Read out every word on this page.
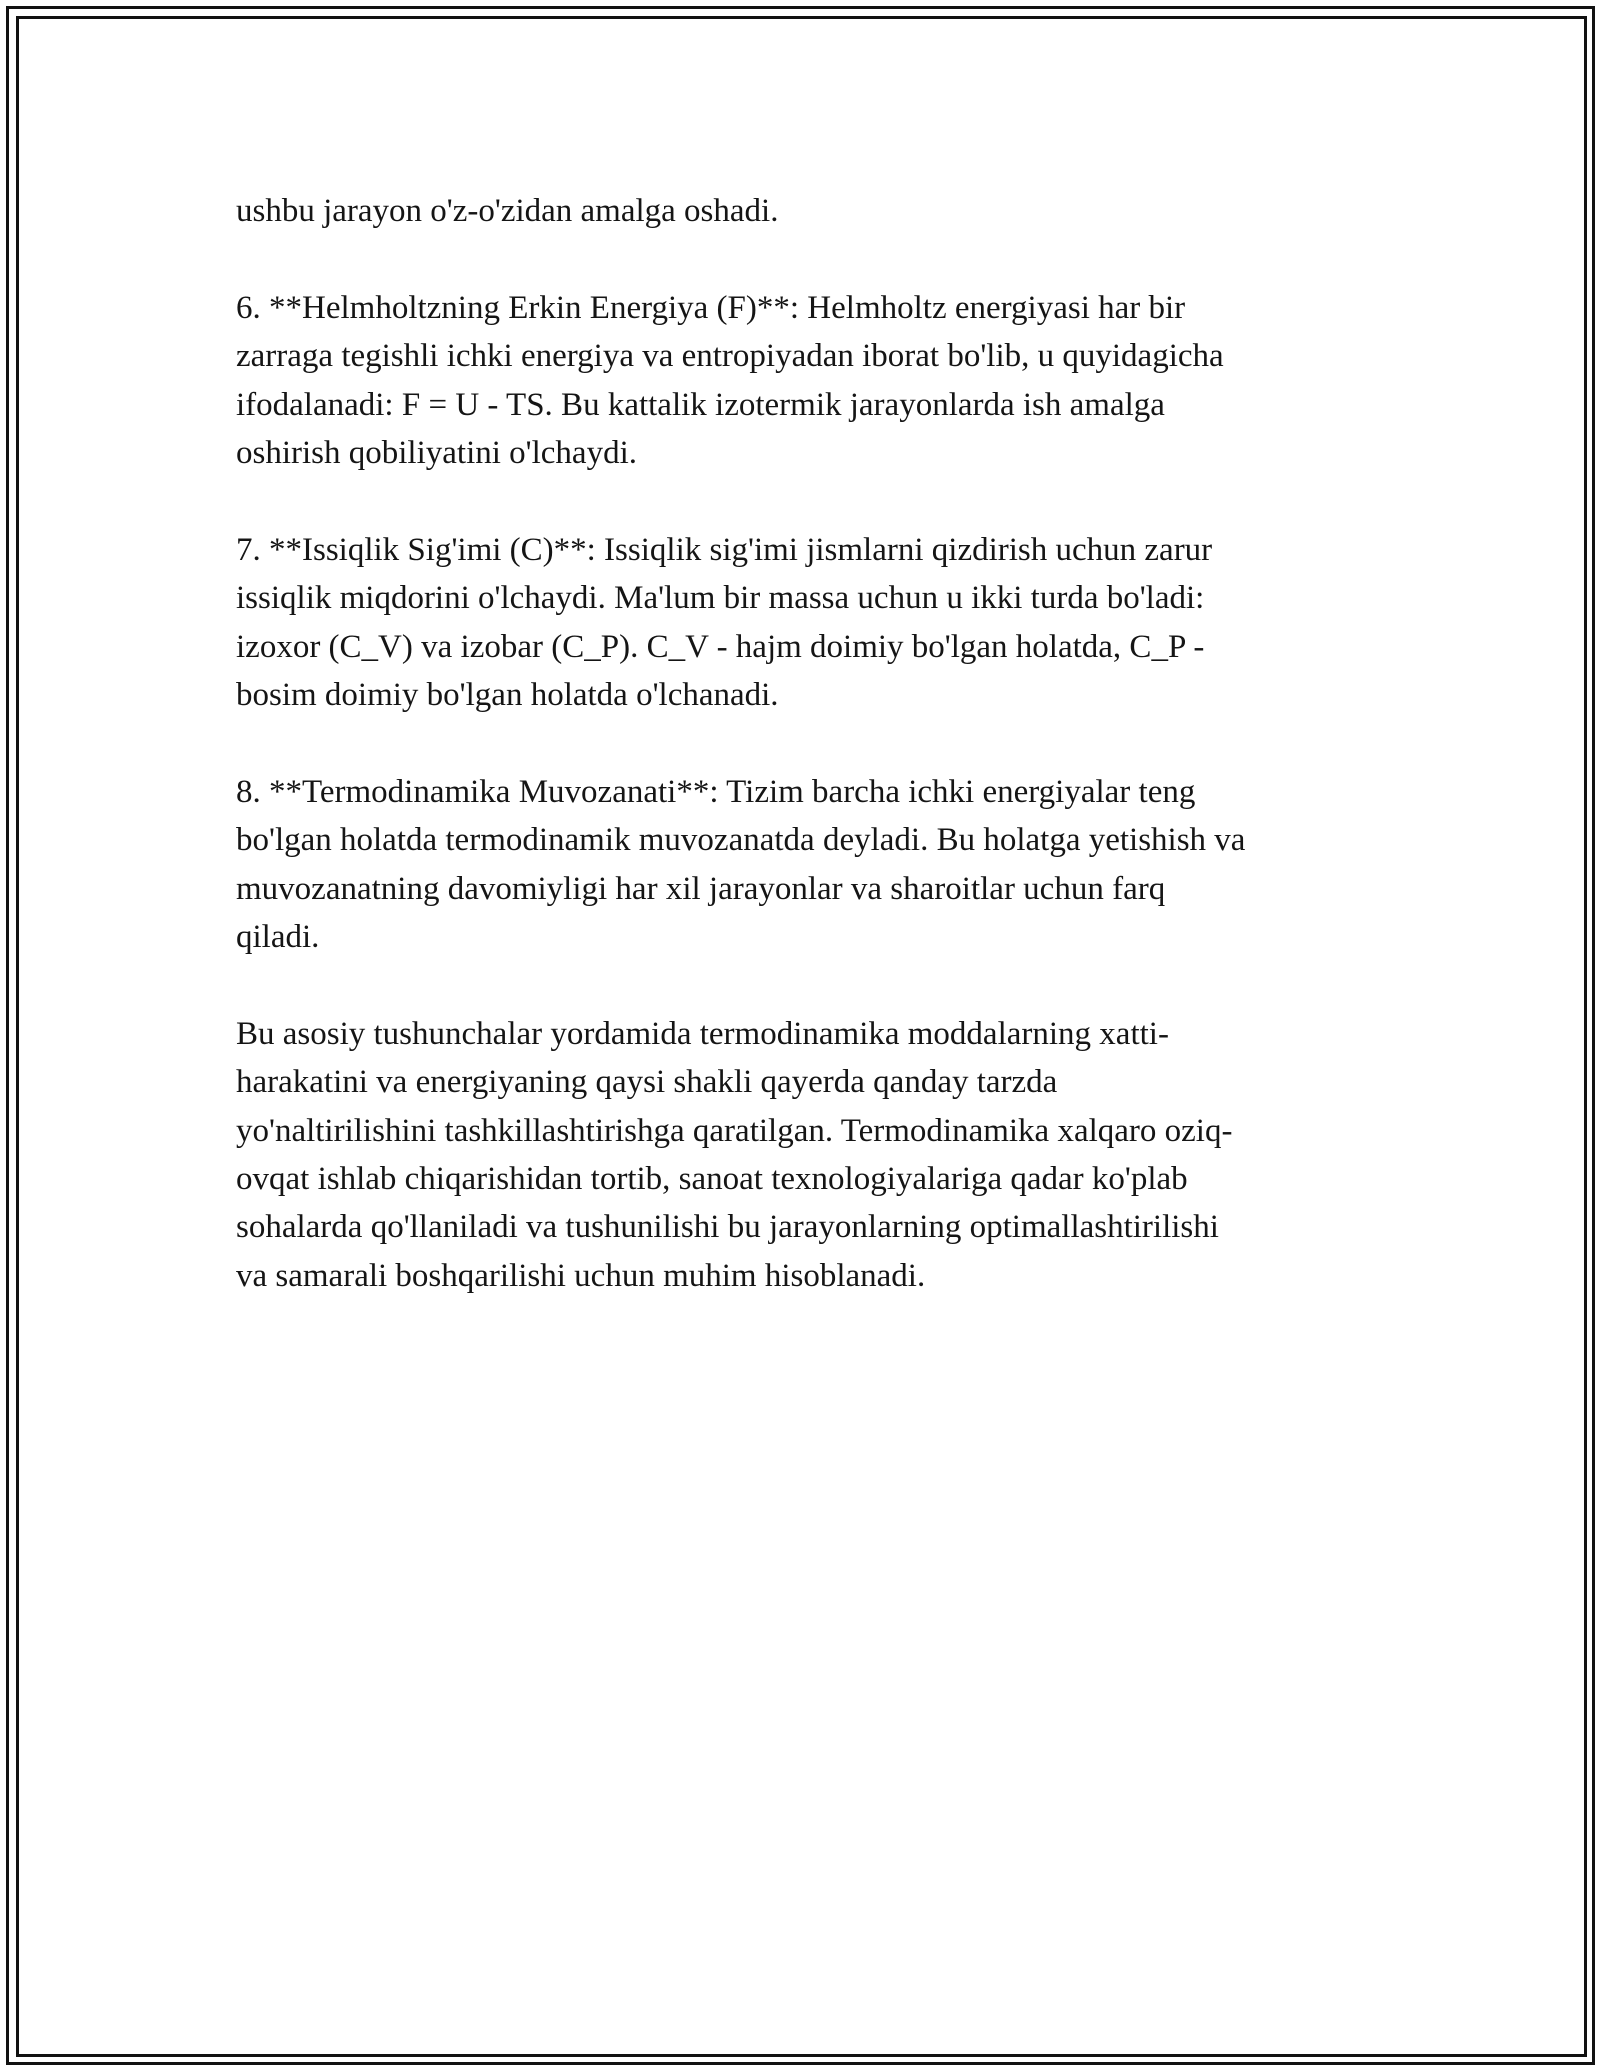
ushbu jarayon o'z-o'zidan amalga oshadi.

6. **Helmholtzning Erkin Energiya (F)**: Helmholtz energiyasi har bir
zarraga tegishli ichki energiya va entropiyadan iborat bo'lib, u quyidagicha
ifodalanadi: F = U - TS. Bu kattalik izotermik jarayonlarda ish amalga
oshirish qobiliyatini o'lchaydi.

7. **Issiqlik Sig'imi (C)**: Issiqlik sig'imi jismlarni qizdirish uchun zarur
issiqlik miqdorini o'lchaydi. Ma'lum bir massa uchun u ikki turda bo'ladi:
izoxor (C_V) va izobar (C_P). C_V - hajm doimiy bo'lgan holatda, C_P -
bosim doimiy bo'lgan holatda o'lchanadi.

8. **Termodinamika Muvozanati**: Tizim barcha ichki energiyalar teng
bo'lgan holatda termodinamik muvozanatda deyladi. Bu holatga yetishish va
muvozanatning davomiyligi har xil jarayonlar va sharoitlar uchun farq
qiladi.

Bu asosiy tushunchalar yordamida termodinamika moddalarning xatti-
harakatini va energiyaning qaysi shakli qayerda qanday tarzda
yo'naltirilishini tashkillashtirishga qaratilgan. Termodinamika xalqaro oziq-
ovqat ishlab chiqarishidan tortib, sanoat texnologiyalariga qadar ko'plab
sohalarda qo'llaniladi va tushunilishi bu jarayonlarning optimallashtirilishi
va samarali boshqarilishi uchun muhim hisoblanadi.
